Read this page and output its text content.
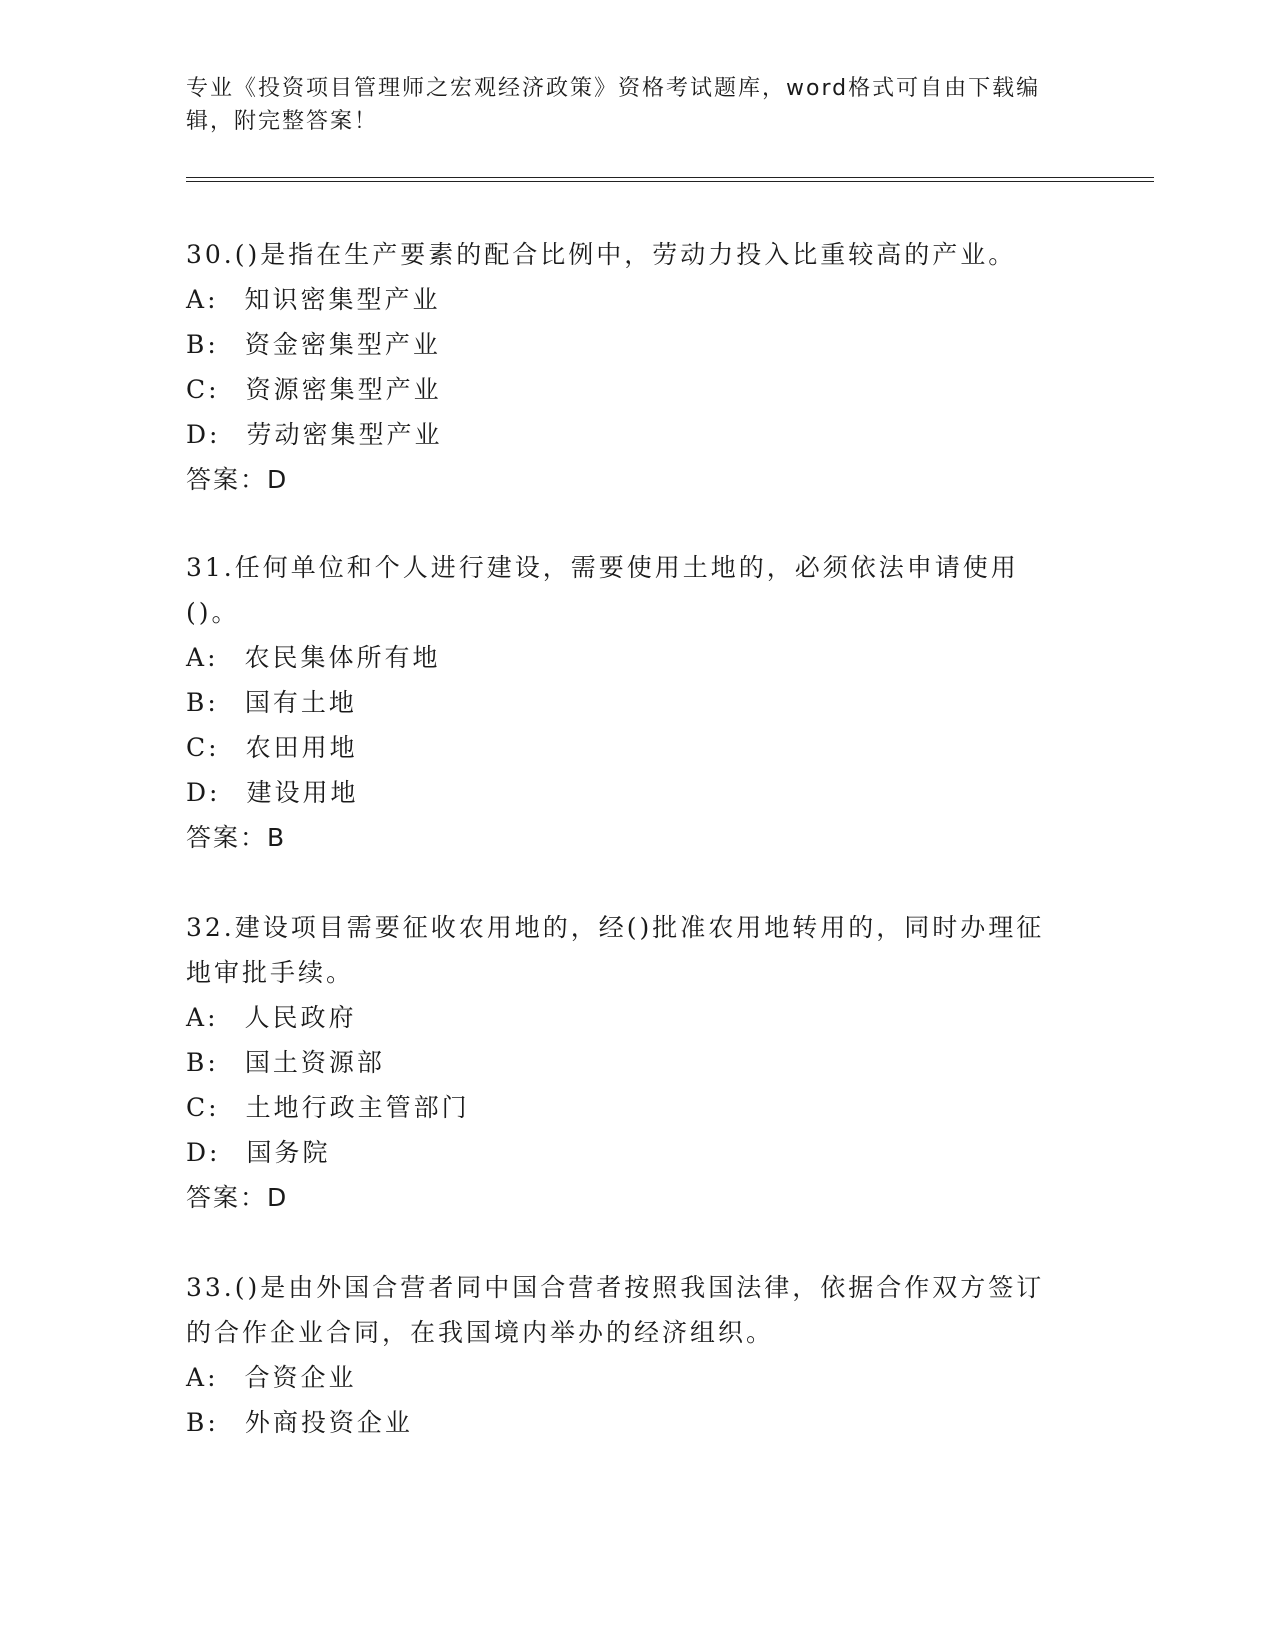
专业《投资项目管理师之宏观经济政策》资格考试题库，word格式可自由下载编辑，附完整答案！

30.()是指在生产要素的配合比例中，劳动力投入比重较高的产业。

A: 知识密集型产业

B: 资金密集型产业

C: 资源密集型产业

D: 劳动密集型产业

答案：D

31.任何单位和个人进行建设，需要使用土地的，必须依法申请使用()。

A: 农民集体所有地

B: 国有土地

C: 农田用地

D: 建设用地

答案：B

32.建设项目需要征收农用地的，经()批准农用地转用的，同时办理征地审批手续。

A: 人民政府

B: 国土资源部

C: 土地行政主管部门

D: 国务院

答案：D

33.()是由外国合营者同中国合营者按照我国法律，依据合作双方签订的合作企业合同，在我国境内举办的经济组织。

A: 合资企业

B: 外商投资企业
